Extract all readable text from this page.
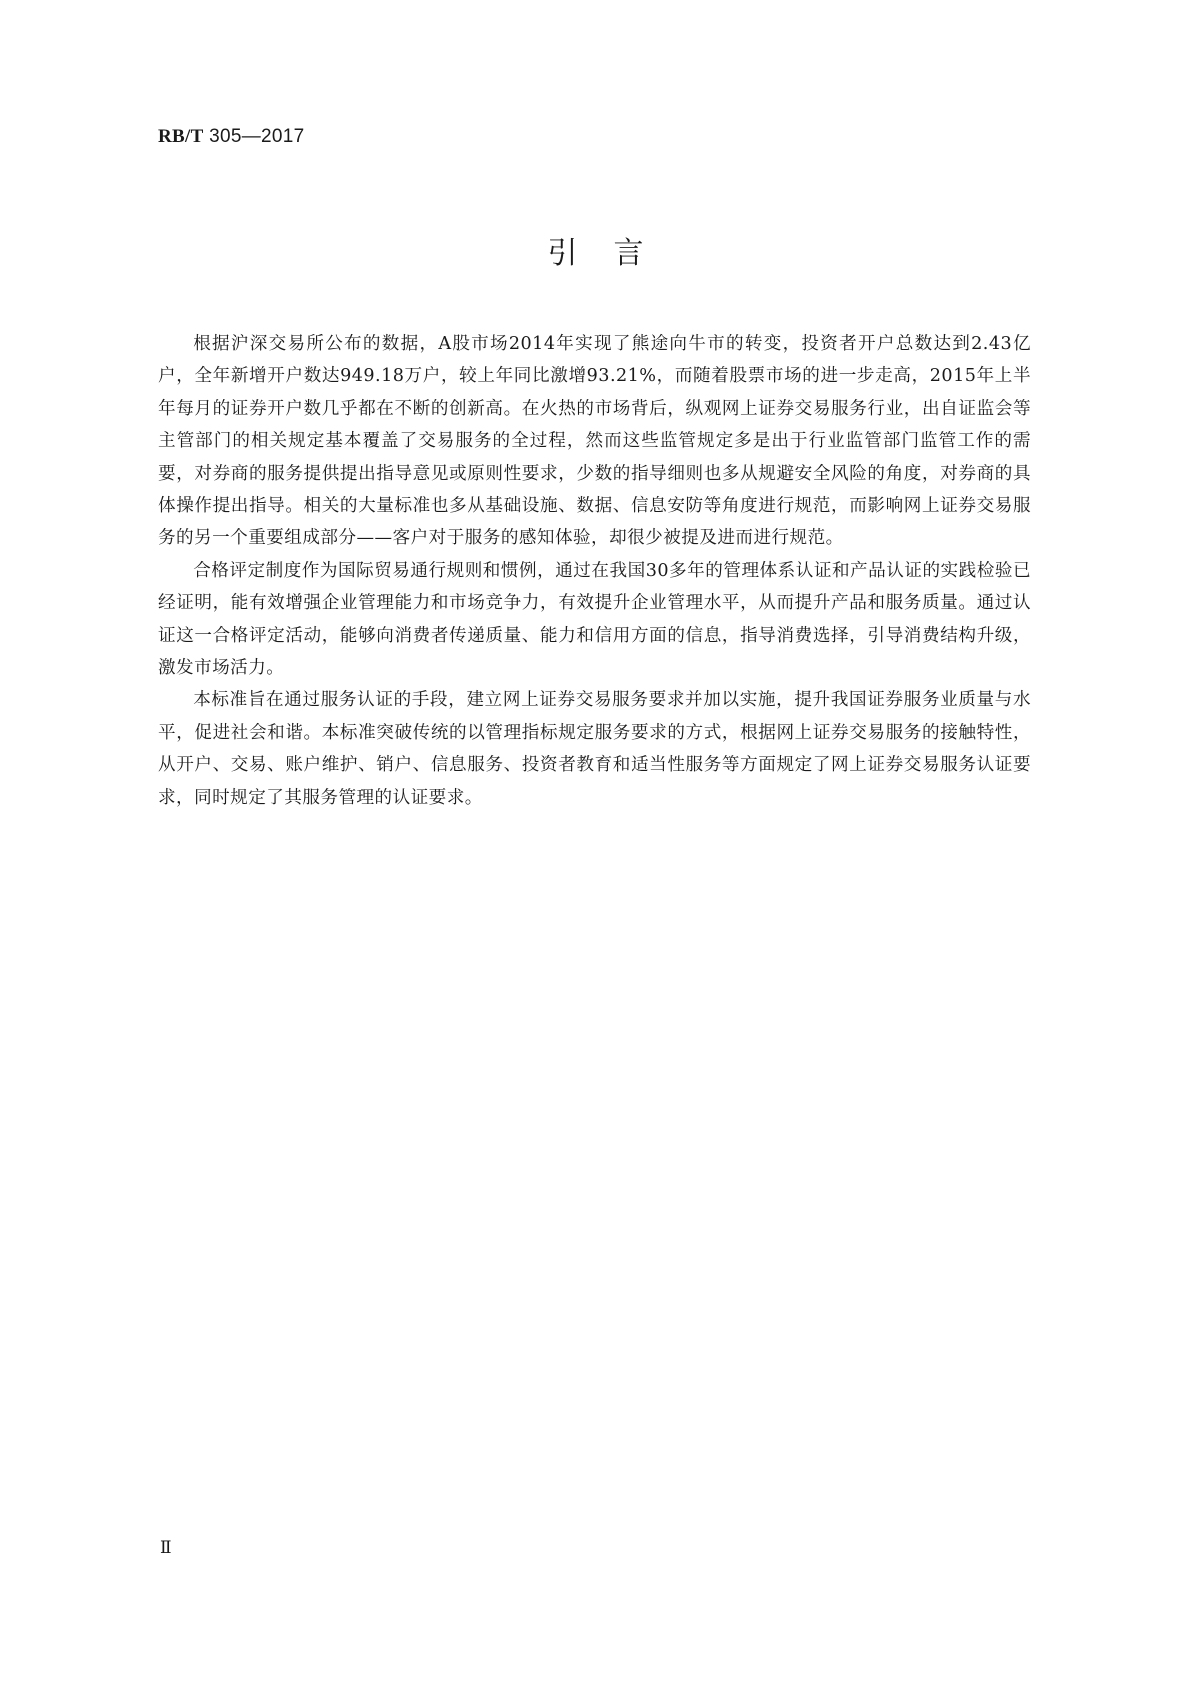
RB/T 305—2017
引言

根据沪深交易所公布的数据，A股市场2014年实现了熊途向牛市的转变，投资者开户总数达到2.43亿户，全年新增开户数达949.18万户，较上年同比激增93.21%，而随着股票市场的进一步走高，2015年上半年每月的证券开户数几乎都在不断的创新高。在火热的市场背后，纵观网上证券交易服务行业，出自证监会等主管部门的相关规定基本覆盖了交易服务的全过程，然而这些监管规定多是出于行业监管部门监管工作的需要，对券商的服务提供提出指导意见或原则性要求，少数的指导细则也多从规避安全风险的角度，对券商的具体操作提出指导。相关的大量标准也多从基础设施、数据、信息安防等角度进行规范，而影响网上证券交易服务的另一个重要组成部分——客户对于服务的感知体验，却很少被提及进而进行规范。

合格评定制度作为国际贸易通行规则和惯例，通过在我国30多年的管理体系认证和产品认证的实践检验已经证明，能有效增强企业管理能力和市场竞争力，有效提升企业管理水平，从而提升产品和服务质量。通过认证这一合格评定活动，能够向消费者传递质量、能力和信用方面的信息，指导消费选择，引导消费结构升级，激发市场活力。

本标准旨在通过服务认证的手段，建立网上证券交易服务要求并加以实施，提升我国证券服务业质量与水平，促进社会和谐。本标准突破传统的以管理指标规定服务要求的方式，根据网上证券交易服务的接触特性，从开户、交易、账户维护、销户、信息服务、投资者教育和适当性服务等方面规定了网上证券交易服务认证要求，同时规定了其服务管理的认证要求。

Ⅱ
